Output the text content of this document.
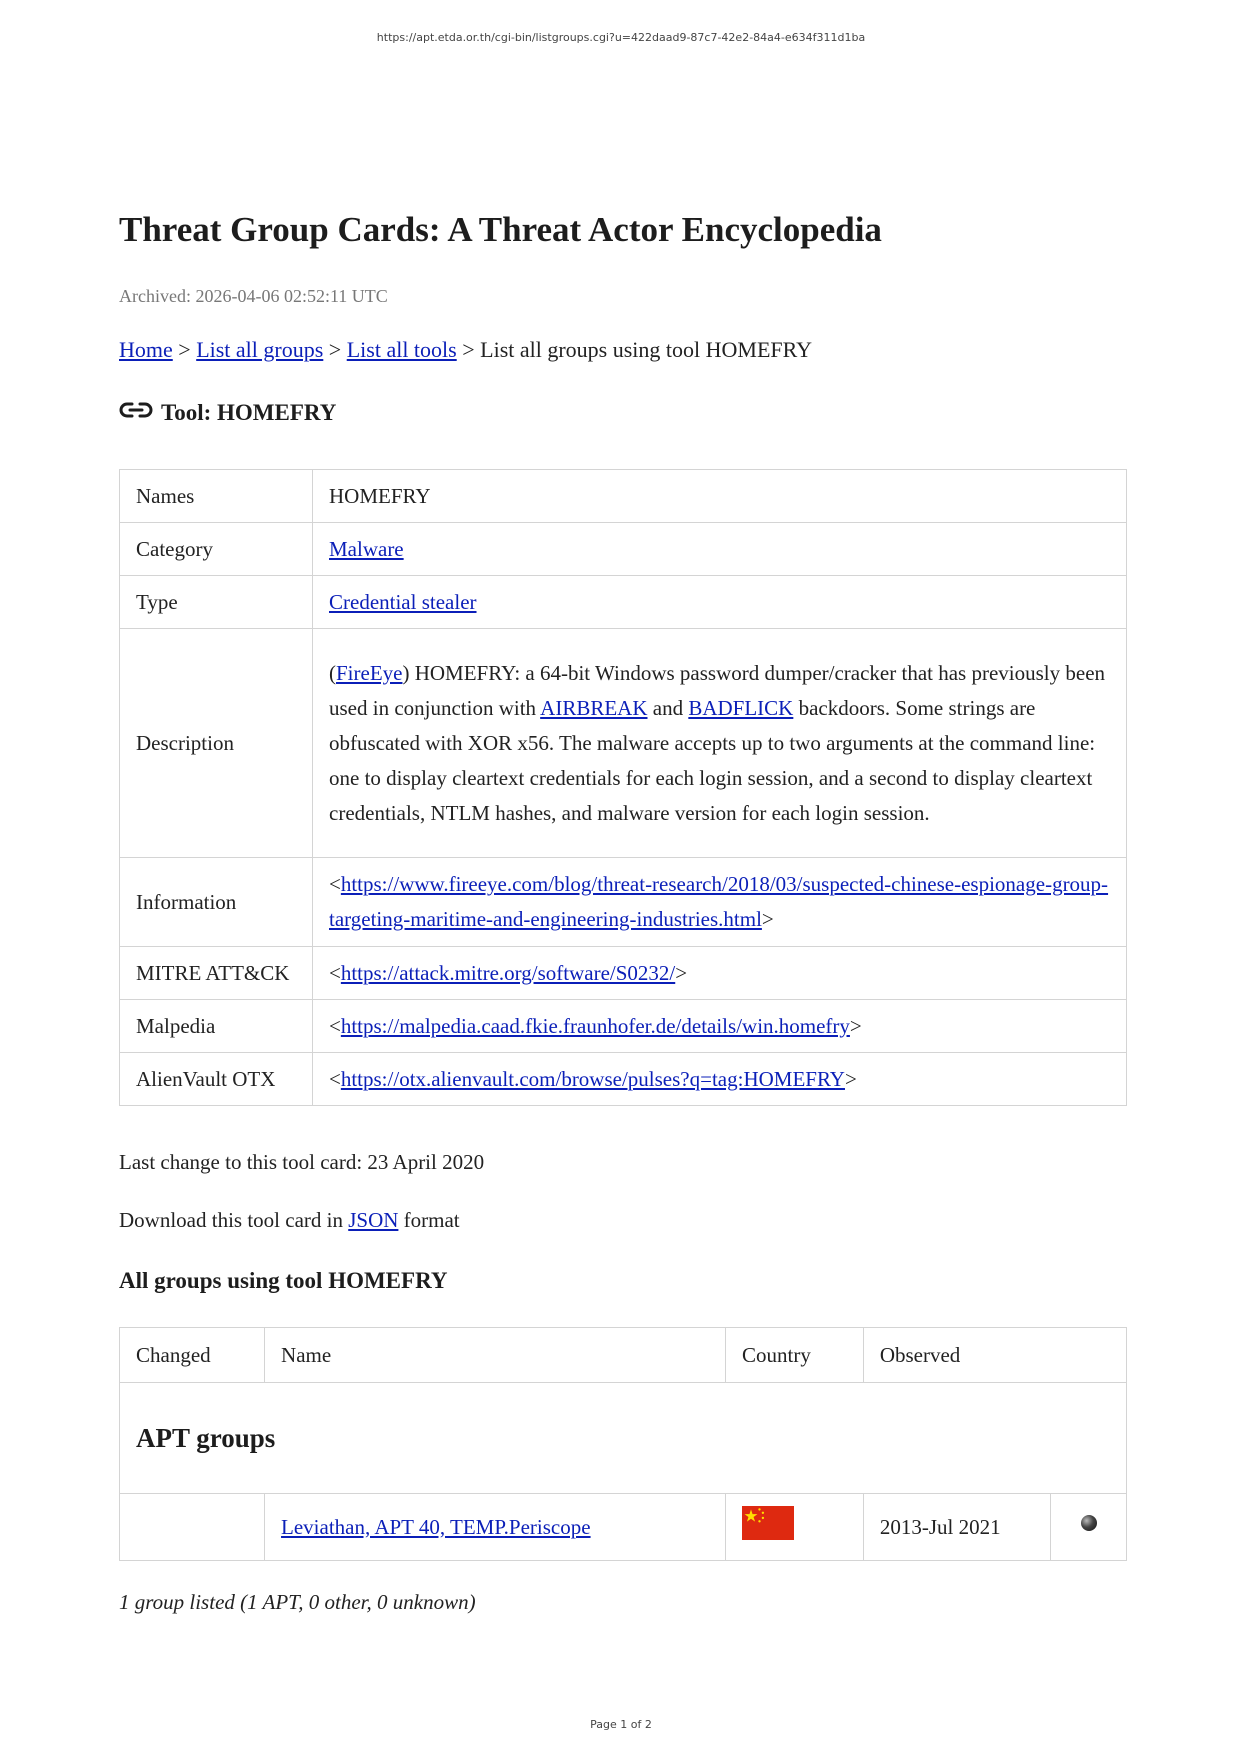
https://apt.etda.or.th/cgi-bin/listgroups.cgi?u=422daad9-87c7-42e2-84a4-e634f311d1ba
Threat Group Cards: A Threat Actor Encyclopedia
Archived: 2026-04-06 02:52:11 UTC
Home > List all groups > List all tools > List all groups using tool HOMEFRY
Tool: HOMEFRY
Names	HOMEFRY
Category	Malware
Type	Credential stealer
Description	(FireEye) HOMEFRY: a 64-bit Windows password dumper/cracker that has previously been used in conjunction with AIRBREAK and BADFLICK backdoors. Some strings are obfuscated with XOR x56. The malware accepts up to two arguments at the command line: one to display cleartext credentials for each login session, and a second to display cleartext credentials, NTLM hashes, and malware version for each login session.

Information	<https://www.fireeye.com/blog/threat-research/2018/03/suspected-chinese-espionage-group-targeting-maritime-and-engineering-industries.html>

MITRE ATT&CK	<https://attack.mitre.org/software/S0232/>
Malpedia	<https://malpedia.caad.fkie.fraunhofer.de/details/win.homefry>
AlienVault OTX	<https://otx.alienvault.com/browse/pulses?q=tag:HOMEFRY>
Last change to this tool card: 23 April 2020
Download this tool card in JSON format
All groups using tool HOMEFRY
Changed	Name	Country	Observed	
APT groups				
	Leviathan, APT 40, TEMP.Periscope		2013-Jul 2021	
1 group listed (1 APT, 0 other, 0 unknown)
Page 1 of 2
